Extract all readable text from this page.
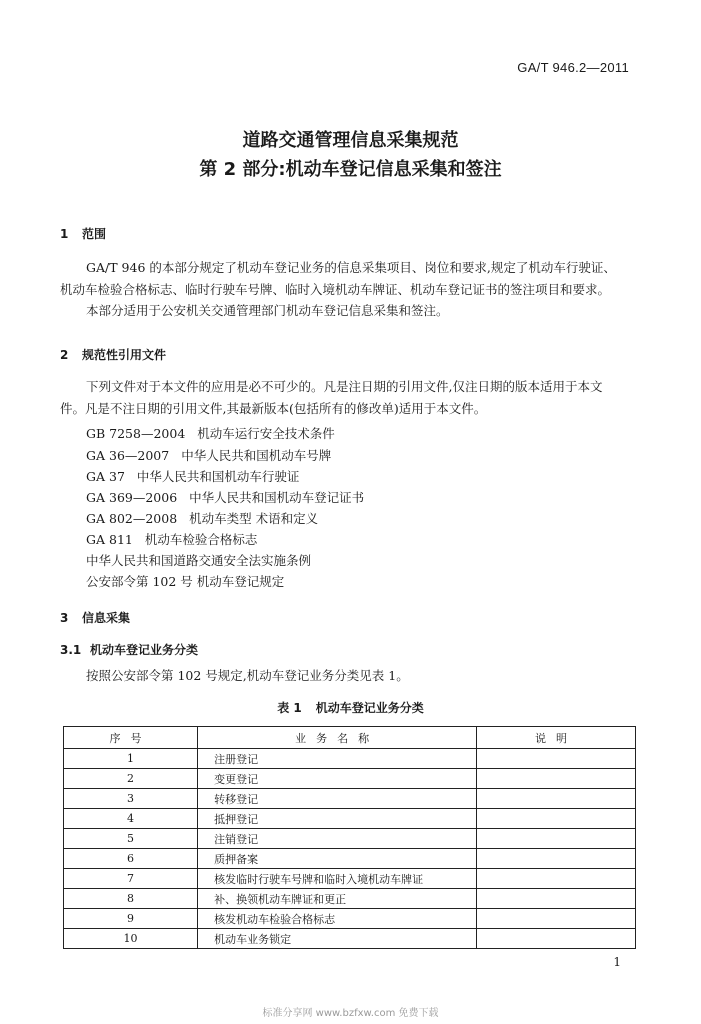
GA/T 946.2—2011
道路交通管理信息采集规范
第 2 部分:机动车登记信息采集和签注
1 范围
GA/T 946 的本部分规定了机动车登记业务的信息采集项目、岗位和要求,规定了机动车行驶证、
机动车检验合格标志、临时行驶车号牌、临时入境机动车牌证、机动车登记证书的签注项目和要求。
本部分适用于公安机关交通管理部门机动车登记信息采集和签注。
2 规范性引用文件
下列文件对于本文件的应用是必不可少的。凡是注日期的引用文件,仅注日期的版本适用于本文
件。凡是不注日期的引用文件,其最新版本(包括所有的修改单)适用于本文件。
GB 7258—2004 机动车运行安全技术条件
GA 36—2007 中华人民共和国机动车号牌
GA 37 中华人民共和国机动车行驶证
GA 369—2006 中华人民共和国机动车登记证书
GA 802—2008 机动车类型 术语和定义
GA 811 机动车检验合格标志
中华人民共和国道路交通安全法实施条例
公安部令第 102 号 机动车登记规定
3 信息采集
3.1 机动车登记业务分类
按照公安部令第 102 号规定,机动车登记业务分类见表 1。
表 1 机动车登记业务分类
序号	业务名称	说明
1	注册登记	
2	变更登记	
3	转移登记	
4	抵押登记	
5	注销登记	
6	质押备案	
7	核发临时行驶车号牌和临时入境机动车牌证	
8	补、换领机动车牌证和更正	
9	核发机动车检验合格标志	
10	机动车业务锁定	
1
标准分享网 www.bzfxw.com 免费下载
